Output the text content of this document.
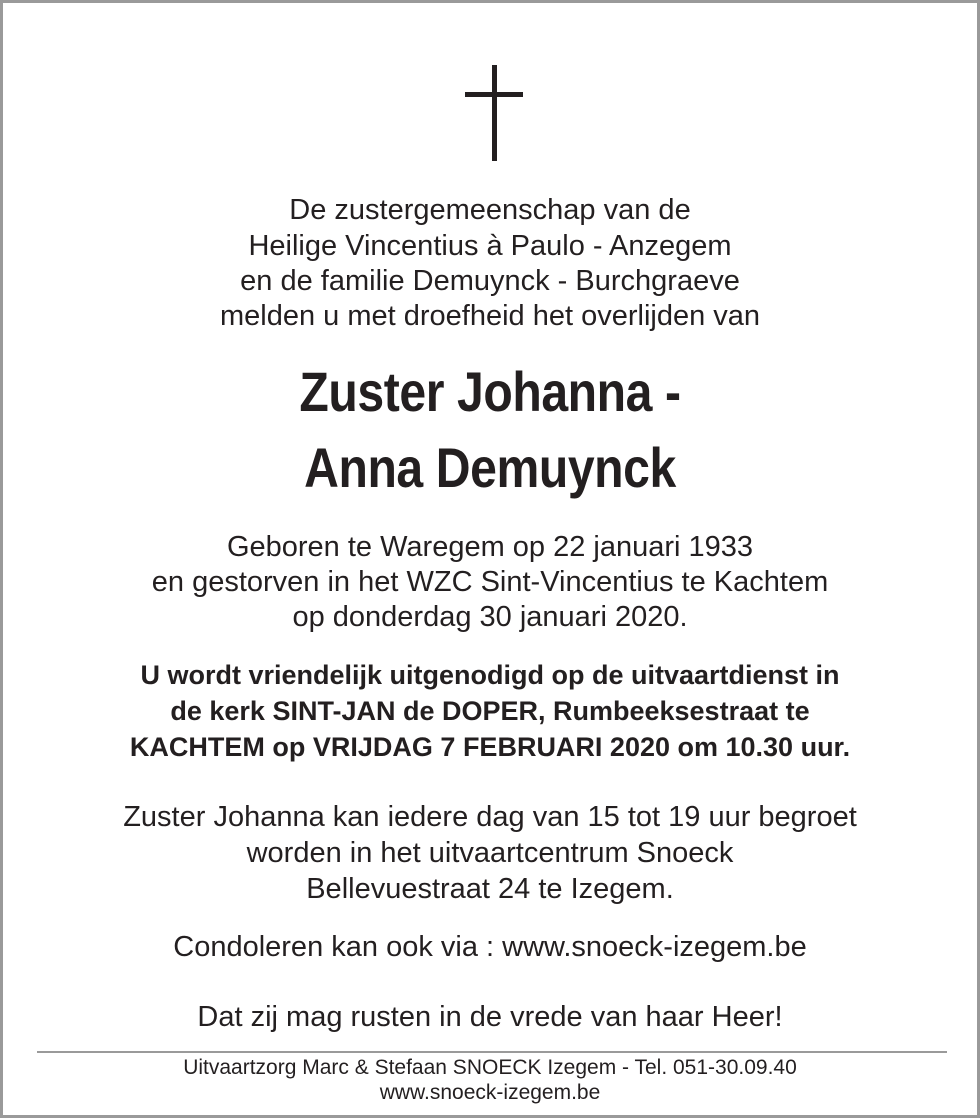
De zustergemeenschap van de
Heilige Vincentius à Paulo - Anzegem
en de familie Demuynck - Burchgraeve
melden u met droefheid het overlijden van
Zuster Johanna -
Anna Demuynck
Geboren te Waregem op 22 januari 1933
en gestorven in het WZC Sint-Vincentius te Kachtem
op donderdag 30 januari 2020.
U wordt vriendelijk uitgenodigd op de uitvaartdienst in
de kerk SINT-JAN de DOPER, Rumbeeksestraat te
KACHTEM op VRIJDAG 7 FEBRUARI 2020 om 10.30 uur.
Zuster Johanna kan iedere dag van 15 tot 19 uur begroet
worden in het uitvaartcentrum Snoeck
Bellevuestraat 24 te Izegem.
Condoleren kan ook via : www.snoeck-izegem.be
Dat zij mag rusten in de vrede van haar Heer!
Uitvaartzorg Marc & Stefaan SNOECK Izegem - Tel. 051-30.09.40
www.snoeck-izegem.be
